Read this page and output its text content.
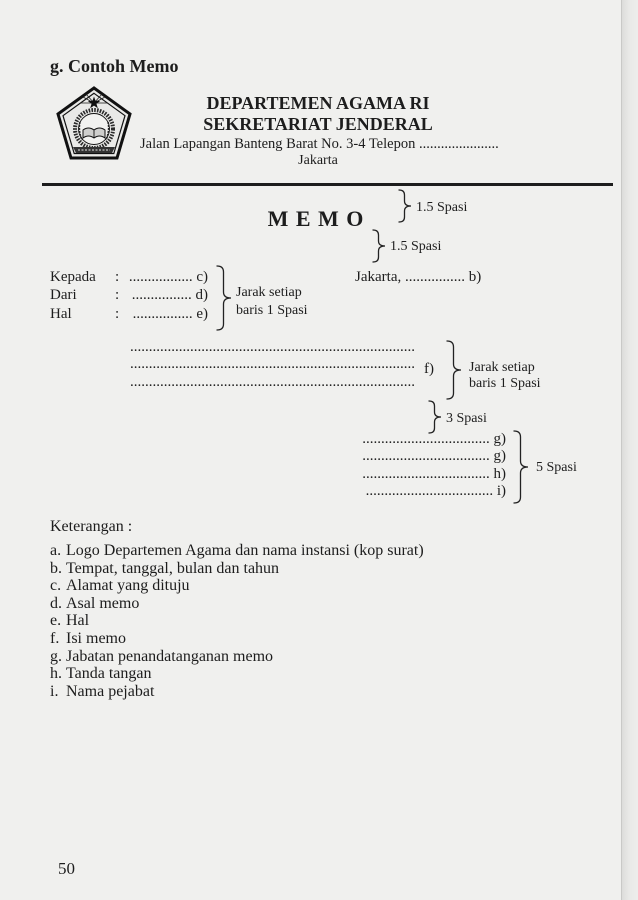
g. Contoh Memo
DEPARTEMEN AGAMA RI
SEKRETARIAT JENDERAL
Jalan Lapangan Banteng Barat No. 3-4 Telepon ......................
Jakarta
M E M O	1.5 Spasi
1.5 Spasi
Jarak setiap
baris 1 Spasi
Jarak setiap
baris 1 Spasi
3 Spasi
5 Spasi
Kepada : ................. c)
Dari	: ................ d)
Hal	: ................ e)
Jakarta, ................ b)
............................................................................
............................................................................
............................................................................
f)
.................................. g)
.................................. g)
.................................. h)
.................................. i)
Keterangan :
a. Logo Departemen Agama dan nama instansi (kop surat)
b. Tempat, tanggal, bulan dan tahun
c. Alamat yang dituju
d. Asal memo
e. Hal
f. Isi memo
g. Jabatan penandatanganan memo
h. Tanda tangan
i. Nama pejabat
50
